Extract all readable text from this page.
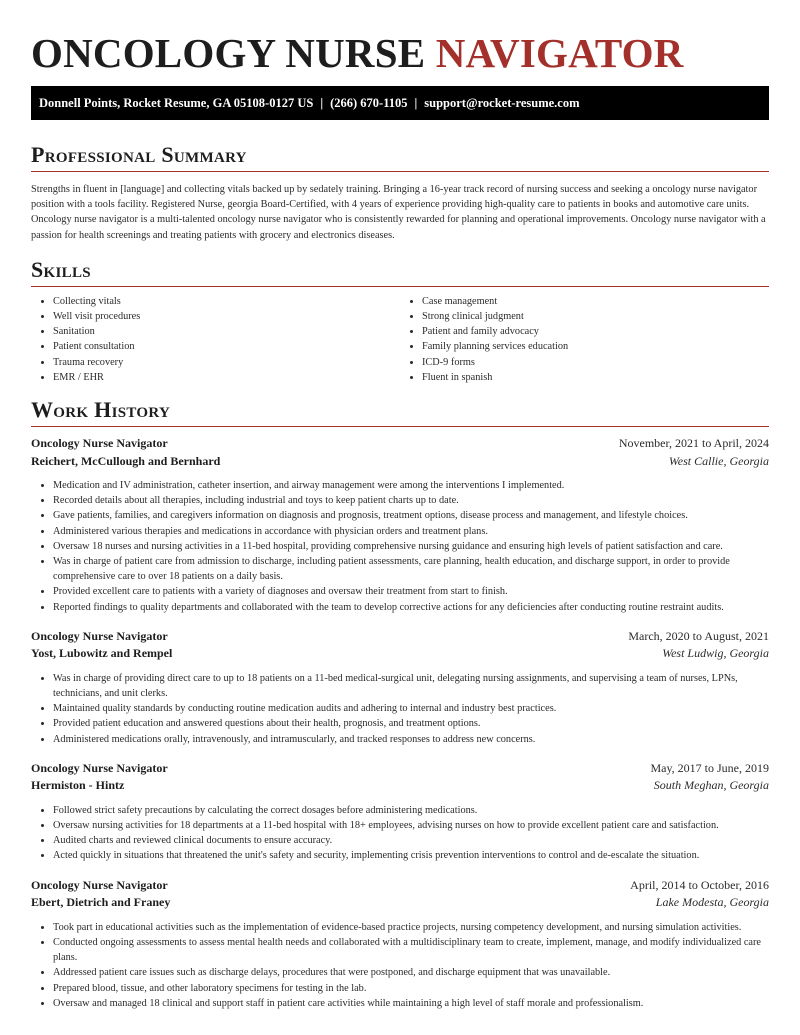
ONCOLOGY NURSE NAVIGATOR
Donnell Points, Rocket Resume, GA 05108-0127 US | (266) 670-1105 | support@rocket-resume.com
Professional Summary

Strengths in fluent in [language] and collecting vitals backed up by sedately training. Bringing a 16-year track record of nursing success and seeking a oncology nurse navigator position with a tools facility. Registered Nurse, georgia Board-Certified, with 4 years of experience providing high-quality care to patients in books and automotive care units. Oncology nurse navigator is a multi-talented oncology nurse navigator who is consistently rewarded for planning and operational improvements. Oncology nurse navigator with a passion for health screenings and treating patients with grocery and electronics diseases.

Skills
• Collecting vitals
• Well visit procedures
• Sanitation
• Patient consultation
• Trauma recovery
• EMR / EHR
• Case management
• Strong clinical judgment
• Patient and family advocacy
• Family planning services education
• ICD-9 forms
• Fluent in spanish
Work History
Oncology Nurse Navigator	November, 2021 to April, 2024
Reichert, McCullough and Bernhard	West Callie, Georgia
• Medication and IV administration, catheter insertion, and airway management were among the interventions I implemented.
• Recorded details about all therapies, including industrial and toys to keep patient charts up to date.
• Gave patients, families, and caregivers information on diagnosis and prognosis, treatment options, disease process and management, and lifestyle choices.
• Administered various therapies and medications in accordance with physician orders and treatment plans.
• Oversaw 18 nurses and nursing activities in a 11-bed hospital, providing comprehensive nursing guidance and ensuring high levels of patient satisfaction and care.
• Was in charge of patient care from admission to discharge, including patient assessments, care planning, health education, and discharge support, in order to provide comprehensive care to over 18 patients on a daily basis.
• Provided excellent care to patients with a variety of diagnoses and oversaw their treatment from start to finish.
• Reported findings to quality departments and collaborated with the team to develop corrective actions for any deficiencies after conducting routine restraint audits.
Oncology Nurse Navigator	March, 2020 to August, 2021
Yost, Lubowitz and Rempel	West Ludwig, Georgia
• Was in charge of providing direct care to up to 18 patients on a 11-bed medical-surgical unit, delegating nursing assignments, and supervising a team of nurses, LPNs, technicians, and unit clerks.
• Maintained quality standards by conducting routine medication audits and adhering to internal and industry best practices.
• Provided patient education and answered questions about their health, prognosis, and treatment options.
• Administered medications orally, intravenously, and intramuscularly, and tracked responses to address new concerns.
Oncology Nurse Navigator	May, 2017 to June, 2019
Hermiston - Hintz	South Meghan, Georgia
• Followed strict safety precautions by calculating the correct dosages before administering medications.
• Oversaw nursing activities for 18 departments at a 11-bed hospital with 18+ employees, advising nurses on how to provide excellent patient care and satisfaction.
• Audited charts and reviewed clinical documents to ensure accuracy.
• Acted quickly in situations that threatened the unit's safety and security, implementing crisis prevention interventions to control and de-escalate the situation.
Oncology Nurse Navigator	April, 2014 to October, 2016
Ebert, Dietrich and Franey	Lake Modesta, Georgia
• Took part in educational activities such as the implementation of evidence-based practice projects, nursing competency development, and nursing simulation activities.
• Conducted ongoing assessments to assess mental health needs and collaborated with a multidisciplinary team to create, implement, manage, and modify individualized care plans.
• Addressed patient care issues such as discharge delays, procedures that were postponed, and discharge equipment that was unavailable.
• Prepared blood, tissue, and other laboratory specimens for testing in the lab.
• Oversaw and managed 18 clinical and support staff in patient care activities while maintaining a high level of staff morale and professionalism.
